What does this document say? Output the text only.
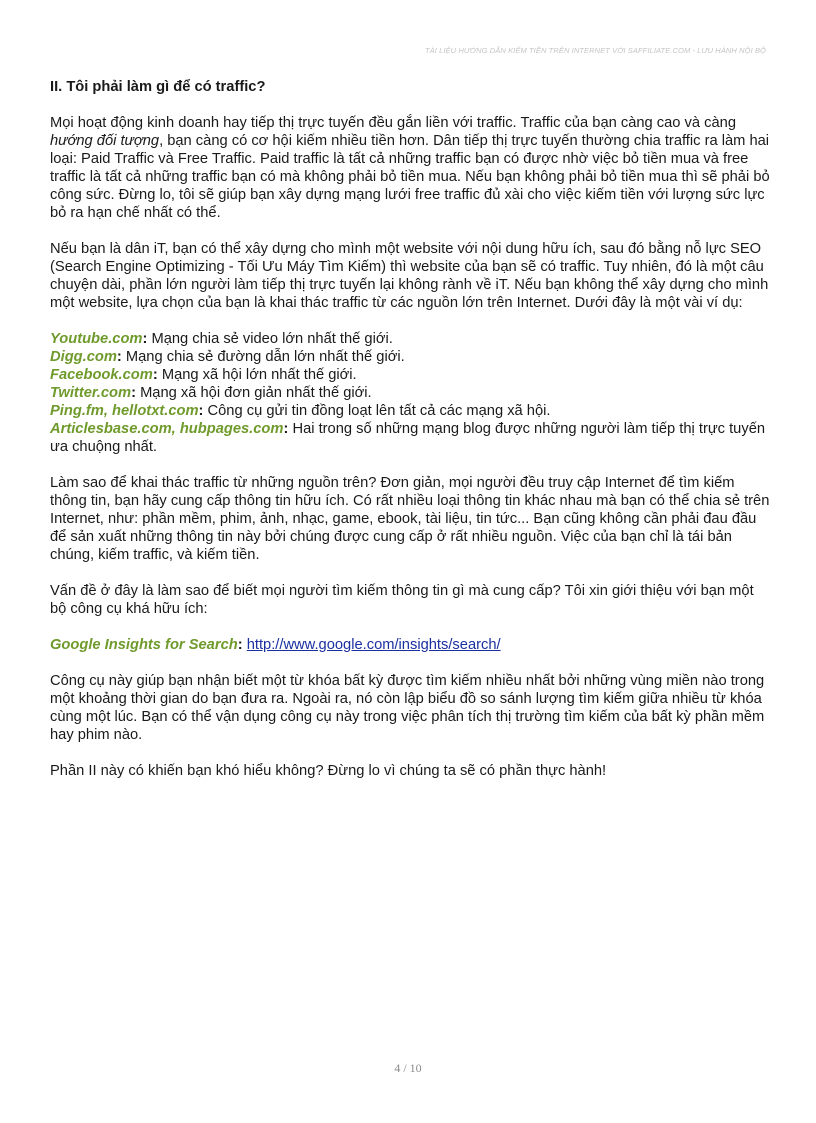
TÀI LIỆU HƯỚNG DẪN KIẾM TIỀN TRÊN INTERNET VỚI SAFFILIATE.COM - LƯU HÀNH NỘI BỘ
II. Tôi phải làm gì để có traffic?

Mọi hoạt động kinh doanh hay tiếp thị trực tuyến đều gắn liền với traffic. Traffic của bạn càng cao và càng hướng đối tượng, bạn càng có cơ hội kiếm nhiều tiền hơn. Dân tiếp thị trực tuyến thường chia traffic ra làm hai loại: Paid Traffic và Free Traffic. Paid traffic là tất cả những traffic bạn có được nhờ việc bỏ tiền mua và free traffic là tất cả những traffic bạn có mà không phải bỏ tiền mua. Nếu bạn không phải bỏ tiền mua thì sẽ phải bỏ công sức. Đừng lo, tôi sẽ giúp bạn xây dựng mạng lưới free traffic đủ xài cho việc kiếm tiền với lượng sức lực bỏ ra hạn chế nhất có thể.

Nếu bạn là dân iT, bạn có thể xây dựng cho mình một website với nội dung hữu ích, sau đó bằng nỗ lực SEO (Search Engine Optimizing - Tối Ưu Máy Tìm Kiếm) thì website của bạn sẽ có traffic. Tuy nhiên, đó là một câu chuyện dài, phần lớn người làm tiếp thị trực tuyến lại không rành về iT. Nếu bạn không thể xây dựng cho mình một website, lựa chọn của bạn là khai thác traffic từ các nguồn lớn trên Internet. Dưới đây là một vài ví dụ:

Youtube.com: Mạng chia sẻ video lớn nhất thế giới.
Digg.com: Mạng chia sẻ đường dẫn lớn nhất thế giới.
Facebook.com: Mạng xã hội lớn nhất thế giới.
Twitter.com: Mạng xã hội đơn giản nhất thế giới.
Ping.fm, hellotxt.com: Công cụ gửi tin đồng loạt lên tất cả các mạng xã hội.
Articlesbase.com, hubpages.com: Hai trong số những mạng blog được những người làm tiếp thị trực tuyến ưa chuộng nhất.

Làm sao để khai thác traffic từ những nguồn trên? Đơn giản, mọi người đều truy cập Internet để tìm kiếm thông tin, bạn hãy cung cấp thông tin hữu ích. Có rất nhiều loại thông tin khác nhau mà bạn có thể chia sẻ trên Internet, như: phần mềm, phim, ảnh, nhạc, game, ebook, tài liệu, tin tức... Bạn cũng không cần phải đau đầu để sản xuất những thông tin này bởi chúng được cung cấp ở rất nhiều nguồn. Việc của bạn chỉ là tái bản chúng, kiếm traffic, và kiếm tiền.

Vấn đề ở đây là làm sao để biết mọi người tìm kiếm thông tin gì mà cung cấp? Tôi xin giới thiệu với bạn một bộ công cụ khá hữu ích:

Google Insights for Search: http://www.google.com/insights/search/

Công cụ này giúp bạn nhận biết một từ khóa bất kỳ được tìm kiếm nhiều nhất bởi những vùng miền nào trong một khoảng thời gian do bạn đưa ra. Ngoài ra, nó còn lập biểu đồ so sánh lượng tìm kiếm giữa nhiều từ khóa cùng một lúc. Bạn có thể vận dụng công cụ này trong việc phân tích thị trường tìm kiếm của bất kỳ phần mềm hay phim nào.

Phần II này có khiến bạn khó hiểu không? Đừng lo vì chúng ta sẽ có phần thực hành!

4 / 10
